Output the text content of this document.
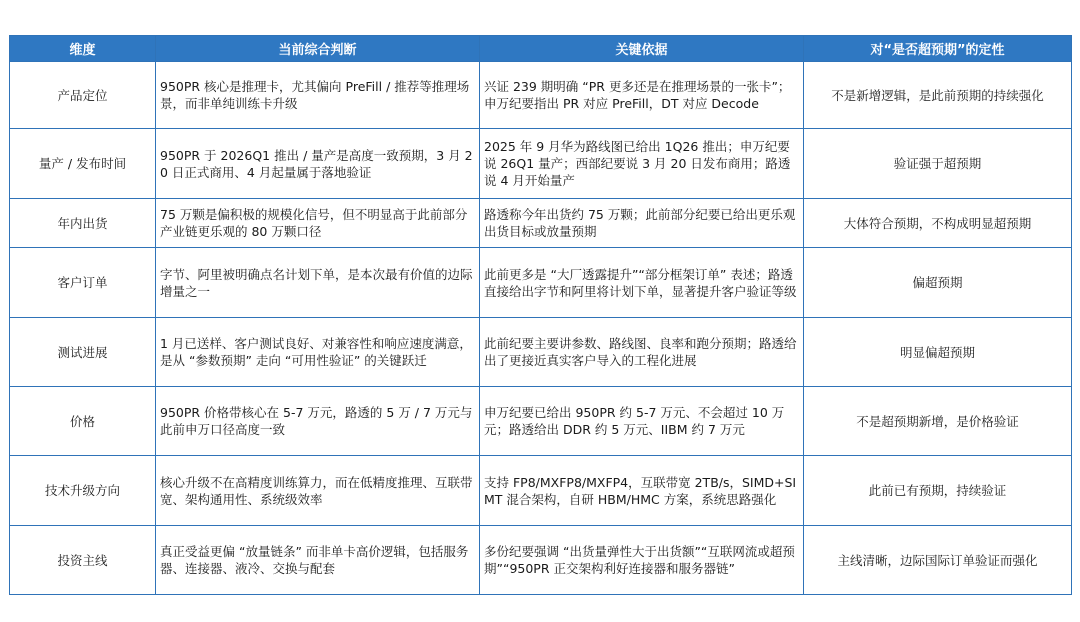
维度	当前综合判断	关键依据	对“是否超预期”的定性
产品定位	950PR 核心是推理卡，尤其偏向 PreFill / 推荐等推理场景，而非单纯训练卡升级	兴证 239 期明确 “PR 更多还是在推理场景的一张卡”；申万纪要指出 PR 对应 PreFill，DT 对应 Decode	不是新增逻辑，是此前预期的持续强化
量产 / 发布时间	950PR 于 2026Q1 推出 / 量产是高度一致预期，3 月 20 日正式商用、4 月起量属于落地验证	2025 年 9 月华为路线图已给出 1Q26 推出；申万纪要说 26Q1 量产；西部纪要说 3 月 20 日发布商用；路透说 4 月开始量产	验证强于超预期
年内出货	75 万颗是偏积极的规模化信号，但不明显高于此前部分产业链更乐观的 80 万颗口径	路透称今年出货约 75 万颗；此前部分纪要已给出更乐观出货目标或放量预期	大体符合预期，不构成明显超预期
客户订单	字节、阿里被明确点名计划下单，是本次最有价值的边际增量之一	此前更多是 “大厂透露提升”“部分框架订单” 表述；路透直接给出字节和阿里将计划下单，显著提升客户验证等级	偏超预期
测试进展	1 月已送样、客户测试良好、对兼容性和响应速度满意，是从 “参数预期” 走向 “可用性验证” 的关键跃迁	此前纪要主要讲参数、路线图、良率和跑分预期；路透给出了更接近真实客户导入的工程化进展	明显偏超预期
价格	950PR 价格带核心在 5-7 万元，路透的 5 万 / 7 万元与此前申万口径高度一致	申万纪要已给出 950PR 约 5-7 万元、不会超过 10 万元；路透给出 DDR 约 5 万元、IIBM 约 7 万元	不是超预期新增，是价格验证
技术升级方向	核心升级不在高精度训练算力，而在低精度推理、互联带宽、架构通用性、系统级效率	支持 FP8/MXFP8/MXFP4，互联带宽 2TB/s，SIMD+SIMT 混合架构，自研 HBM/HMC 方案，系统思路强化	此前已有预期，持续验证
投资主线	真正受益更偏 “放量链条” 而非单卡高价逻辑，包括服务器、连接器、液冷、交换与配套	多份纪要强调 “出货量弹性大于出货额”“互联网流或超预期”“950PR 正交架构利好连接器和服务器链”	主线清晰，边际国际订单验证而强化
